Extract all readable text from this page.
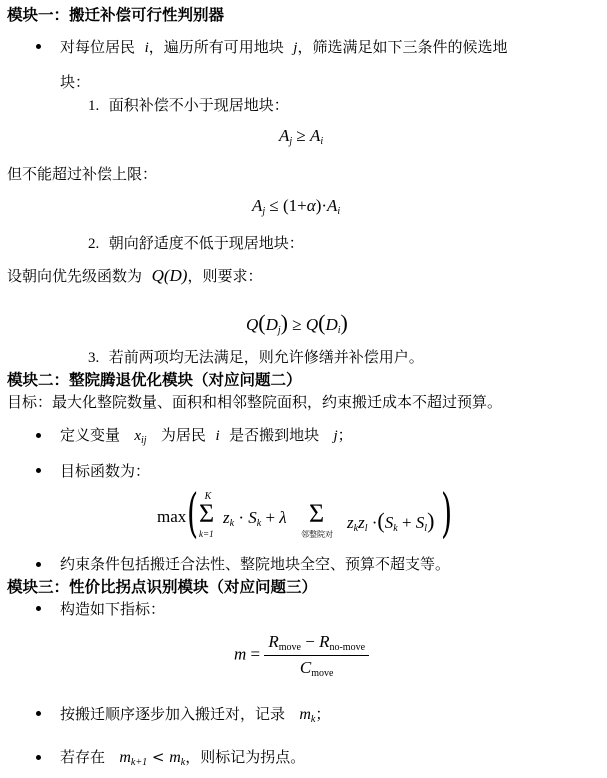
模块一：搬迁补偿可行性判别器
对每位居民 i，遍历所有可用地块 j，筛选满足如下三条件的候选地
块：
1. 面积补偿不小于现居地块：
$A_j \ge A_i$
但不能超过补偿上限：
$A_j \le (1+\alpha)\cdot A_i$
2. 朝向舒适度不低于现居地块：
设朝向优先级函数为 Q(D)，则要求：
$Q(D_j) \ge Q(D_i)$
3. 若前两项均无法满足，则允许修缮并补偿用户。
模块二：整院腾退优化模块（对应问题二）
目标：最大化整院数量、面积和相邻整院面积，约束搬迁成本不超过预算。
定义变量 $x_{ij}$ 为居民 i 是否搬到地块 j；
目标函数为：
max ( K
Σ
k=1
$z_k \cdot S_k + \lambda$ Σ
邻整院对
$z_kz_l \cdot(S_k + S_l)$ )
约束条件包括搬迁合法性、整院地块全空、预算不超支等。
模块三：性价比拐点识别模块（对应问题三）
构造如下指标：
$m = \frac{R_{move} - R_{no-move}}{C_{move}}$
按搬迁顺序逐步加入搬迁对，记录 $m_k$；
若存在 $m_{k+1} < m_k$，则标记为拐点。
